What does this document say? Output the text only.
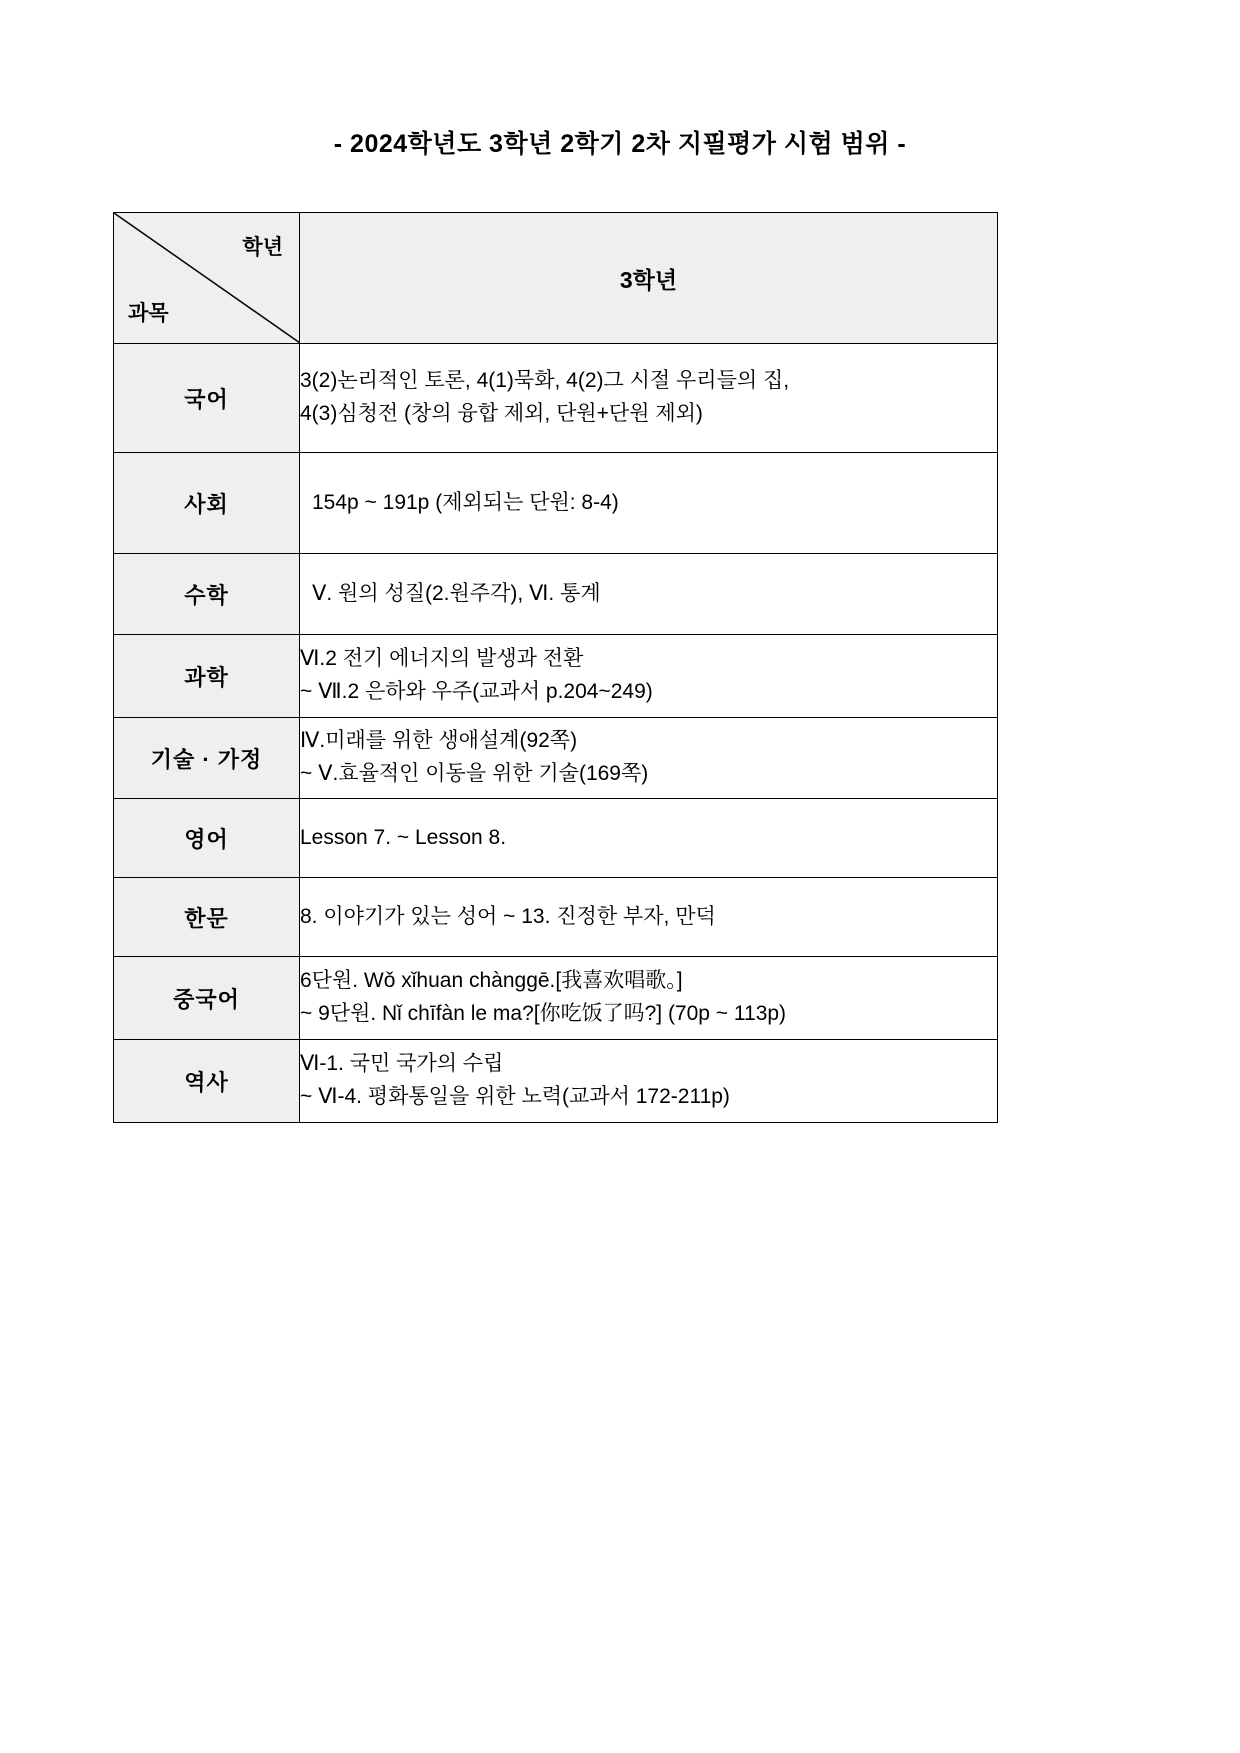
- 2024학년도 3학년 2학기 2차 지필평가 시험 범위 -
학년
과목	3학년
국어	3(2)논리적인 토론, 4(1)묵화, 4(2)그 시절 우리들의 집,
4(3)심청전 (창의 융합 제외, 단원+단원 제외)

사회	154p ~ 191p (제외되는 단원: 8-4)

수학	Ⅴ. 원의 성질(2.원주각), Ⅵ. 통계

과학	Ⅵ.2 전기 에너지의 발생과 전환
~ Ⅶ.2 은하와 우주(교과서 p.204~249)

기술 · 가정	Ⅳ.미래를 위한 생애설계(92쪽)
~ Ⅴ.효율적인 이동을 위한 기술(169쪽)

영어	Lesson 7. ~ Lesson 8.

한문	8. 이야기가 있는 성어 ~ 13. 진정한 부자, 만덕

중국어	6단원. Wǒ xǐhuan chànggē.[我喜欢唱歌。]
~ 9단원. Nǐ chīfàn le ma?[你吃饭了吗?] (70p ~ 113p)

역사	Ⅵ-1. 국민 국가의 수립
~ Ⅵ-4. 평화통일을 위한 노력(교과서 172-211p)
